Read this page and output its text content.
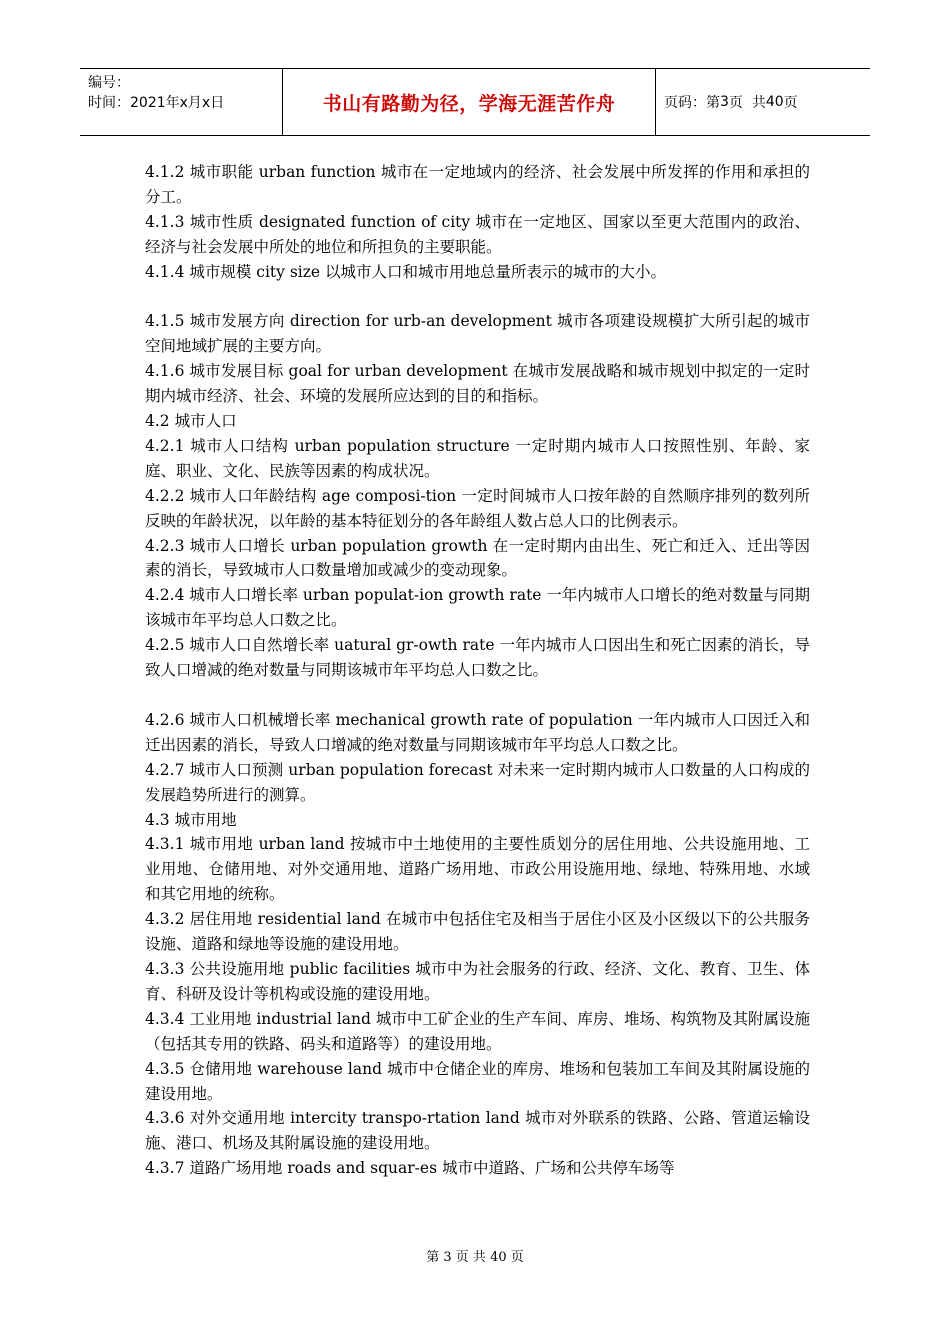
编号：
时间：2021年x月x日	书山有路勤为径，学海无涯苦作舟	页码：第 3 页  共 40 页

4.1.2 城市职能 urban function 城市在一定地域内的经济、社会发展中所发挥的作用和承担的分工。

4.1.3 城市性质 designated function of city 城市在一定地区、国家以至更大范围内的政治、经济与社会发展中所处的地位和所担负的主要职能。

4.1.4 城市规模 city size 以城市人口和城市用地总量所表示的城市的大小。

4.1.5 城市发展方向 direction for urb-an development 城市各项建设规模扩大所引起的城市空间地域扩展的主要方向。

4.1.6 城市发展目标 goal for urban development 在城市发展战略和城市规划中拟定的一定时期内城市经济、社会、环境的发展所应达到的目的和指标。

4.2 城市人口

4.2.1 城市人口结构 urban population structure 一定时期内城市人口按照性别、年龄、家庭、职业、文化、民族等因素的构成状况。

4.2.2 城市人口年龄结构 age composi-tion 一定时间城市人口按年龄的自然顺序排列的数列所反映的年龄状况，以年龄的基本特征划分的各年龄组人数占总人口的比例表示。

4.2.3 城市人口增长 urban population growth 在一定时期内由出生、死亡和迁入、迁出等因素的消长，导致城市人口数量增加或减少的变动现象。

4.2.4 城市人口增长率 urban populat-ion growth rate 一年内城市人口增长的绝对数量与同期该城市年平均总人口数之比。

4.2.5 城市人口自然增长率 uatural gr-owth rate 一年内城市人口因出生和死亡因素的消长，导致人口增减的绝对数量与同期该城市年平均总人口数之比。

4.2.6 城市人口机械增长率 mechanical growth rate of population 一年内城市人口因迁入和迁出因素的消长，导致人口增减的绝对数量与同期该城市年平均总人口数之比。

4.2.7 城市人口预测 urban population forecast 对未来一定时期内城市人口数量的人口构成的发展趋势所进行的测算。

4.3 城市用地

4.3.1 城市用地 urban land 按城市中土地使用的主要性质划分的居住用地、公共设施用地、工业用地、仓储用地、对外交通用地、道路广场用地、市政公用设施用地、绿地、特殊用地、水域和其它用地的统称。

4.3.2 居住用地 residential land 在城市中包括住宅及相当于居住小区及小区级以下的公共服务设施、道路和绿地等设施的建设用地。

4.3.3 公共设施用地 public facilities 城市中为社会服务的行政、经济、文化、教育、卫生、体育、科研及设计等机构或设施的建设用地。

4.3.4 工业用地 industrial land 城市中工矿企业的生产车间、库房、堆场、构筑物及其附属设施（包括其专用的铁路、码头和道路等）的建设用地。

4.3.5 仓储用地 warehouse land 城市中仓储企业的库房、堆场和包装加工车间及其附属设施的建设用地。

4.3.6 对外交通用地 intercity transpo-rtation land 城市对外联系的铁路、公路、管道运输设施、港口、机场及其附属设施的建设用地。

4.3.7 道路广场用地 roads and squar-es 城市中道路、广场和公共停车场等

第 3 页 共 40 页
